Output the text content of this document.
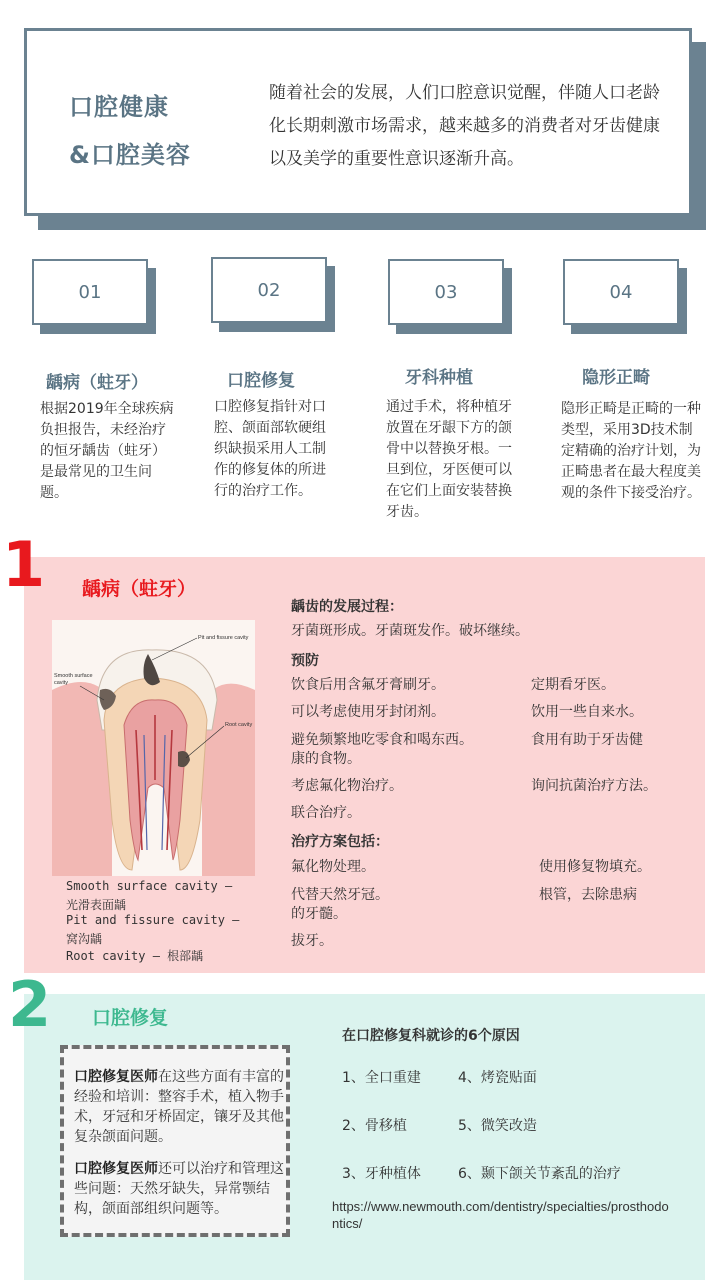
口腔健康
&口腔美容
随着社会的发展，人们口腔意识觉醒，伴随人口老龄化长期刺激市场需求，越来越多的消费者对牙齿健康以及美学的重要性意识逐渐升高。
01	02	03	04
龋病（蛀牙）	口腔修复	牙科种植	隐形正畸
根据2019年全球疾病负担报告，未经治疗的恒牙龋齿（蛀牙）是最常见的卫生问题。
口腔修复指针对口腔、颌面部软硬组织缺损采用人工制作的修复体的所进行的治疗工作。
通过手术，将种植牙放置在牙龈下方的颌骨中以替换牙根。一旦到位，牙医便可以在它们上面安装替换牙齿。
隐形正畸是正畸的一种类型，采用3D技术制定精确的治疗计划，为正畸患者在最大程度美观的条件下接受治疗。
1 龋病（蛀牙）
Pit and fissure cavity
Smooth surface
cavity
Root cavity
Smooth surface cavity –
光滑表面龋
Pit and fissure cavity –
窝沟龋
Root cavity – 根部龋
龋齿的发展过程：
牙菌斑形成。牙菌斑发作。破坏继续。
预防
饮食后用含氟牙膏刷牙。	定期看牙医。
可以考虑使用牙封闭剂。	饮用一些自来水。
避免频繁地吃零食和喝东西。	食用有助于牙齿健
康的食物。
考虑氟化物治疗。	询问抗菌治疗方法。
联合治疗。
治疗方案包括：
氟化物处理。	使用修复物填充。
代替天然牙冠。	根管，去除患病
的牙髓。
拔牙。
2 口腔修复
口腔修复医师在这些方面有丰富的经验和培训：整容手术，植入物手术，牙冠和牙桥固定，镶牙及其他复杂颌面问题。
口腔修复医师还可以治疗和管理这些问题：天然牙缺失，异常颚结构，颌面部组织问题等。
在口腔修复科就诊的6个原因
1、全口重建
2、骨移植
3、牙种植体
4、烤瓷贴面
5、微笑改造
6、颞下颌关节紊乱的治疗
https://www.newmouth.com/dentistry/specialties/prosthodontics/
